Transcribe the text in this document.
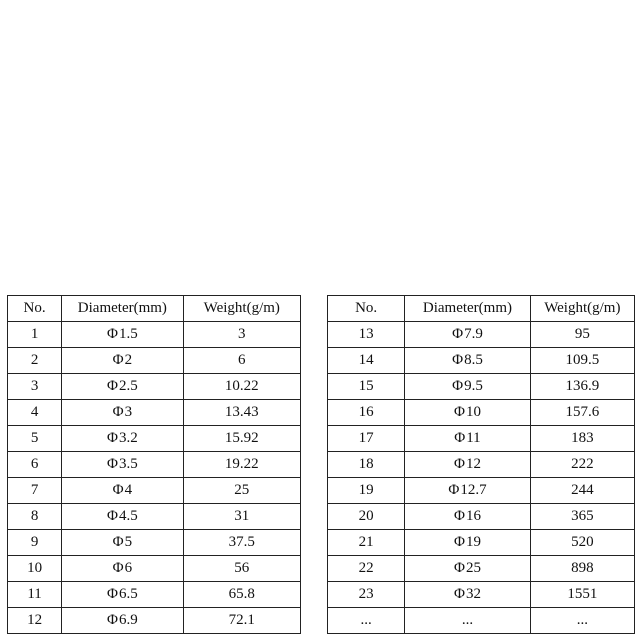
No.	Diameter(mm)	Weight(g/m)
1	Φ1.5	3
2	Φ2	6
3	Φ2.5	10.22
4	Φ3	13.43
5	Φ3.2	15.92
6	Φ3.5	19.22
7	Φ4	25
8	Φ4.5	31
9	Φ5	37.5
10	Φ6	56
11	Φ6.5	65.8
12	Φ6.9	72.1
No.	Diameter(mm)	Weight(g/m)
13	Φ7.9	95
14	Φ8.5	109.5
15	Φ9.5	136.9
16	Φ10	157.6
17	Φ11	183
18	Φ12	222
19	Φ12.7	244
20	Φ16	365
21	Φ19	520
22	Φ25	898
23	Φ32	1551
...	...	...
